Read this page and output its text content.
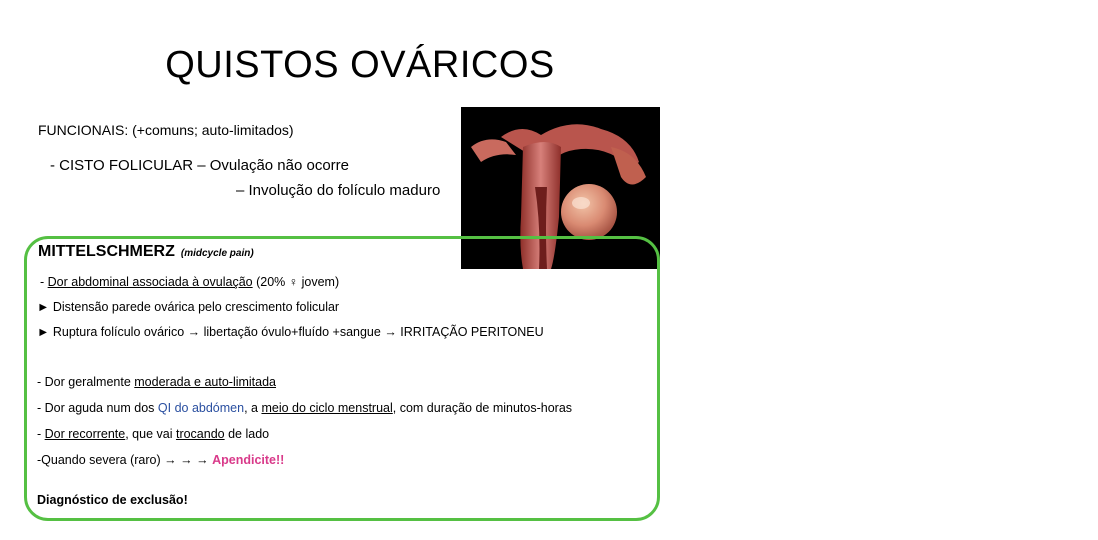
QUISTOS OVÁRICOS
FUNCIONAIS: (+comuns; auto-limitados)
- CISTO FOLICULAR – Ovulação não ocorre
– Involução do folículo maduro
Ovary
Follicular cyst
MITTELSCHMERZ (midcycle pain)
- Dor abdominal associada à ovulação (20% ♀ jovem)
► Distensão parede ovárica pelo crescimento folicular
► Ruptura folículo ovárico → libertação óvulo+fluído +sangue → IRRITAÇÃO PERITONEU
- Dor geralmente moderada e auto-limitada
- Dor aguda num dos QI do abdómen, a meio do ciclo menstrual, com duração de minutos-horas
- Dor recorrente, que vai trocando de lado
-Quando severa (raro) → → → Apendicite!!
Diagnóstico de exclusão!
